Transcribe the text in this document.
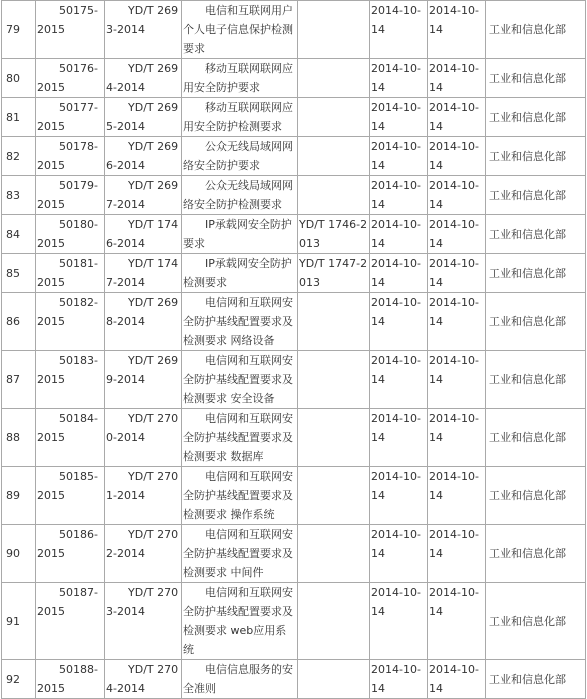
79	50175-2015	YD/T 2693-2014	电信和互联网用户个人电子信息保护检测要求		2014-10-14	2014-10-14	工业和信息化部
80	50176-2015	YD/T 2694-2014	移动互联网联网应用安全防护要求		2014-10-14	2014-10-14	工业和信息化部
81	50177-2015	YD/T 2695-2014	移动互联网联网应用安全防护检测要求		2014-10-14	2014-10-14	工业和信息化部
82	50178-2015	YD/T 2696-2014	公众无线局域网网络安全防护要求		2014-10-14	2014-10-14	工业和信息化部
83	50179-2015	YD/T 2697-2014	公众无线局域网网络安全防护检测要求		2014-10-14	2014-10-14	工业和信息化部
84	50180-2015	YD/T 1746-2014	IP承载网安全防护要求	YD/T 1746-2013	2014-10-14	2014-10-14	工业和信息化部
85	50181-2015	YD/T 1747-2014	IP承载网安全防护检测要求	YD/T 1747-2013	2014-10-14	2014-10-14	工业和信息化部
86	50182-2015	YD/T 2698-2014	电信网和互联网安全防护基线配置要求及检测要求 网络设备		2014-10-14	2014-10-14	工业和信息化部
87	50183-2015	YD/T 2699-2014	电信网和互联网安全防护基线配置要求及检测要求 安全设备		2014-10-14	2014-10-14	工业和信息化部
88	50184-2015	YD/T 2700-2014	电信网和互联网安全防护基线配置要求及检测要求 数据库		2014-10-14	2014-10-14	工业和信息化部
89	50185-2015	YD/T 2701-2014	电信网和互联网安全防护基线配置要求及检测要求 操作系统		2014-10-14	2014-10-14	工业和信息化部
90	50186-2015	YD/T 2702-2014	电信网和互联网安全防护基线配置要求及检测要求 中间件		2014-10-14	2014-10-14	工业和信息化部
91	50187-2015	YD/T 2703-2014	电信网和互联网安全防护基线配置要求及检测要求 web应用系统		2014-10-14	2014-10-14	工业和信息化部
92	50188-2015	YD/T 2704-2014	电信信息服务的安全准则		2014-10-14	2014-10-14	工业和信息化部
